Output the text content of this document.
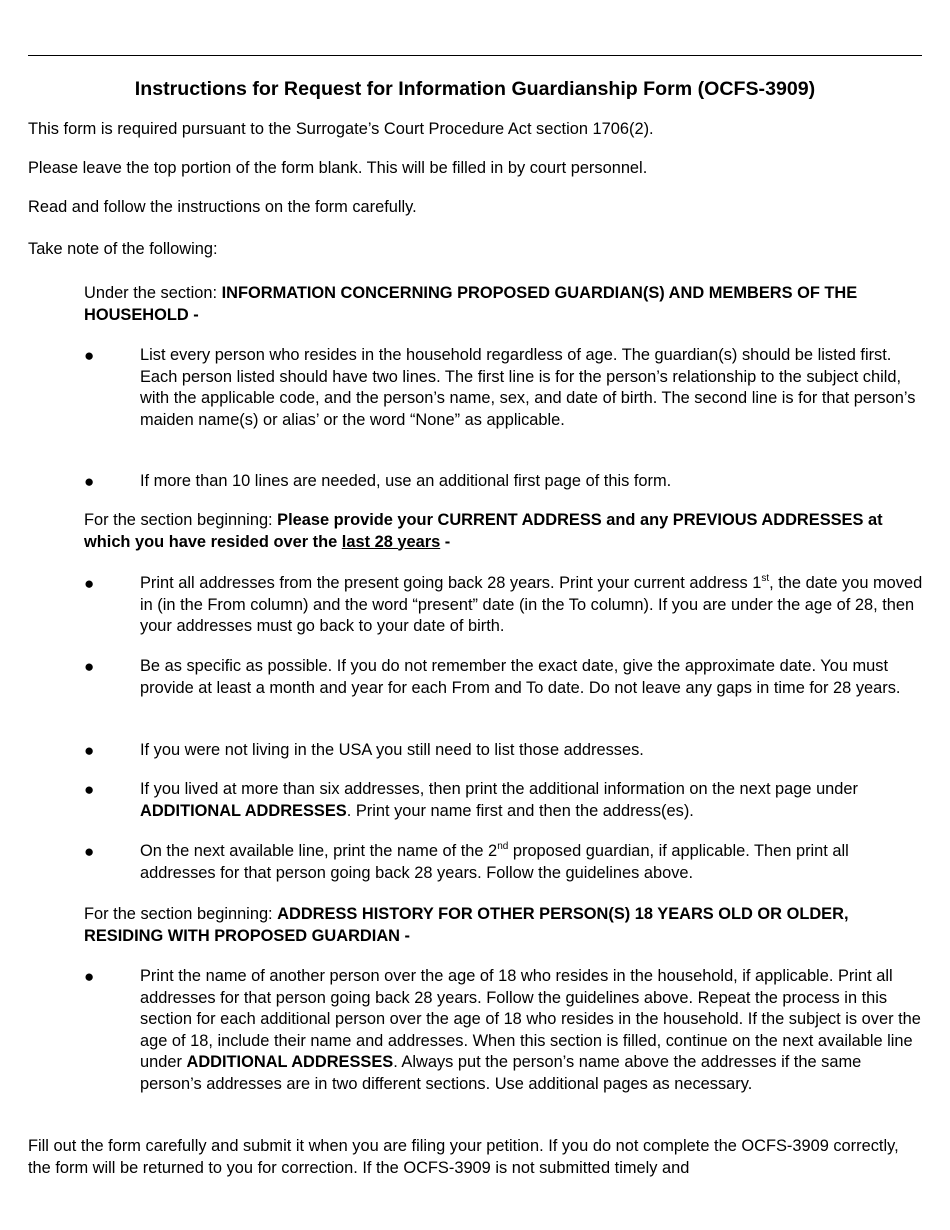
Instructions for Request for Information Guardianship Form (OCFS-3909)

This form is required pursuant to the Surrogate’s Court Procedure Act section 1706(2).

Please leave the top portion of the form blank. This will be filled in by court personnel.

Read and follow the instructions on the form carefully.

Take note of the following:

Under the section: INFORMATION CONCERNING PROPOSED GUARDIAN(S) AND MEMBERS OF THE HOUSEHOLD -

●	List every person who resides in the household regardless of age. The guardian(s) should be listed first. Each person listed should have two lines. The first line is for the person’s relationship to the subject child, with the applicable code, and the person’s name, sex, and date of birth. The second line is for that person’s maiden name(s) or alias’ or the word “None” as applicable.

●	If more than 10 lines are needed, use an additional first page of this form.

For the section beginning: Please provide your CURRENT ADDRESS and any PREVIOUS ADDRESSES at which you have resided over the last 28 years -

●	Print all addresses from the present going back 28 years. Print your current address 1st, the date you moved in (in the From column) and the word “present” date (in the To column). If you are under the age of 28, then your addresses must go back to your date of birth.

●	Be as specific as possible. If you do not remember the exact date, give the approximate date. You must provide at least a month and year for each From and To date. Do not leave any gaps in time for 28 years.

●	If you were not living in the USA you still need to list those addresses.

●	If you lived at more than six addresses, then print the additional information on the next page under ADDITIONAL ADDRESSES. Print your name first and then the address(es).

●	On the next available line, print the name of the 2nd proposed guardian, if applicable. Then print all addresses for that person going back 28 years. Follow the guidelines above.

For the section beginning: ADDRESS HISTORY FOR OTHER PERSON(S) 18 YEARS OLD OR OLDER, RESIDING WITH PROPOSED GUARDIAN -

●	Print the name of another person over the age of 18 who resides in the household, if applicable. Print all addresses for that person going back 28 years. Follow the guidelines above. Repeat the process in this section for each additional person over the age of 18 who resides in the household. If the subject is over the age of 18, include their name and addresses. When this section is filled, continue on the next available line under ADDITIONAL ADDRESSES. Always put the person’s name above the addresses if the same person’s addresses are in two different sections. Use additional pages as necessary.

Fill out the form carefully and submit it when you are filing your petition. If you do not complete the OCFS-3909 correctly, the form will be returned to you for correction. If the OCFS-3909 is not submitted timely and
